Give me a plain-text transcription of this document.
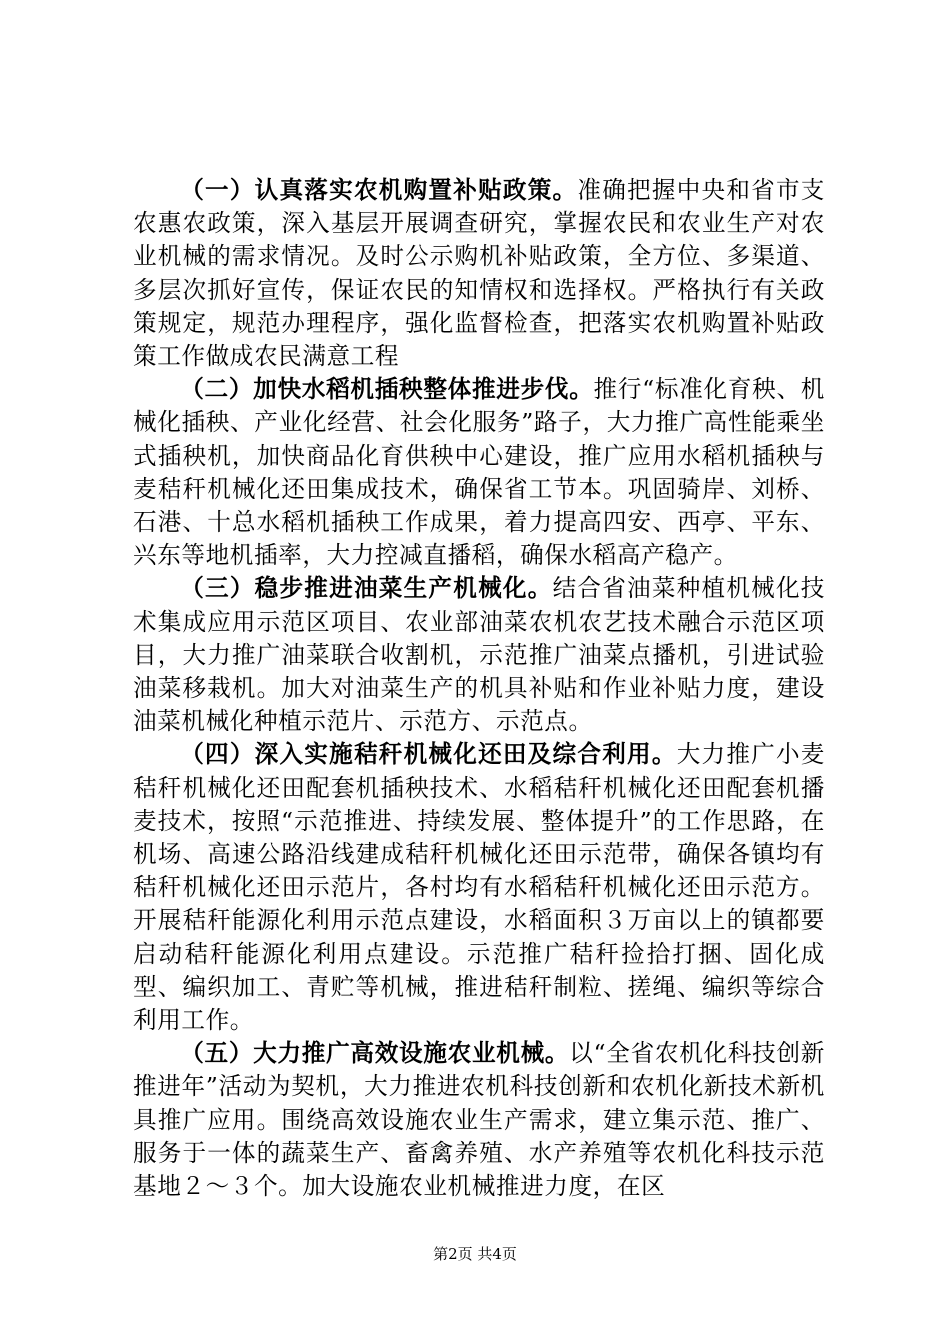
（一）认真落实农机购置补贴政策。准确把握中央和省市支农惠农政策，深入基层开展调查研究，掌握农民和农业生产对农业机械的需求情况。及时公示购机补贴政策，全方位、多渠道、多层次抓好宣传，保证农民的知情权和选择权。严格执行有关政策规定，规范办理程序，强化监督检查，把落实农机购置补贴政策工作做成农民满意工程

（二）加快水稻机插秧整体推进步伐。推行“标准化育秧、机械化插秧、产业化经营、社会化服务”路子，大力推广高性能乘坐式插秧机，加快商品化育供秧中心建设，推广应用水稻机插秧与麦秸秆机械化还田集成技术，确保省工节本。巩固骑岸、刘桥、石港、十总水稻机插秧工作成果，着力提高四安、西亭、平东、兴东等地机插率，大力控减直播稻，确保水稻高产稳产。

（三）稳步推进油菜生产机械化。结合省油菜种植机械化技术集成应用示范区项目、农业部油菜农机农艺技术融合示范区项目，大力推广油菜联合收割机，示范推广油菜点播机，引进试验油菜移栽机。加大对油菜生产的机具补贴和作业补贴力度，建设油菜机械化种植示范片、示范方、示范点。

（四）深入实施秸秆机械化还田及综合利用。大力推广小麦秸秆机械化还田配套机插秧技术、水稻秸秆机械化还田配套机播麦技术，按照“示范推进、持续发展、整体提升”的工作思路，在机场、高速公路沿线建成秸秆机械化还田示范带，确保各镇均有秸秆机械化还田示范片，各村均有水稻秸秆机械化还田示范方。开展秸秆能源化利用示范点建设，水稻面积３万亩以上的镇都要启动秸秆能源化利用点建设。示范推广秸秆捡拾打捆、固化成型、编织加工、青贮等机械，推进秸秆制粒、搓绳、编织等综合利用工作。

（五）大力推广高效设施农业机械。以“全省农机化科技创新推进年”活动为契机，大力推进农机科技创新和农机化新技术新机具推广应用。围绕高效设施农业生产需求，建立集示范、推广、服务于一体的蔬菜生产、畜禽养殖、水产养殖等农机化科技示范基地２～３个。加大设施农业机械推进力度，在区

第2页 共4页
